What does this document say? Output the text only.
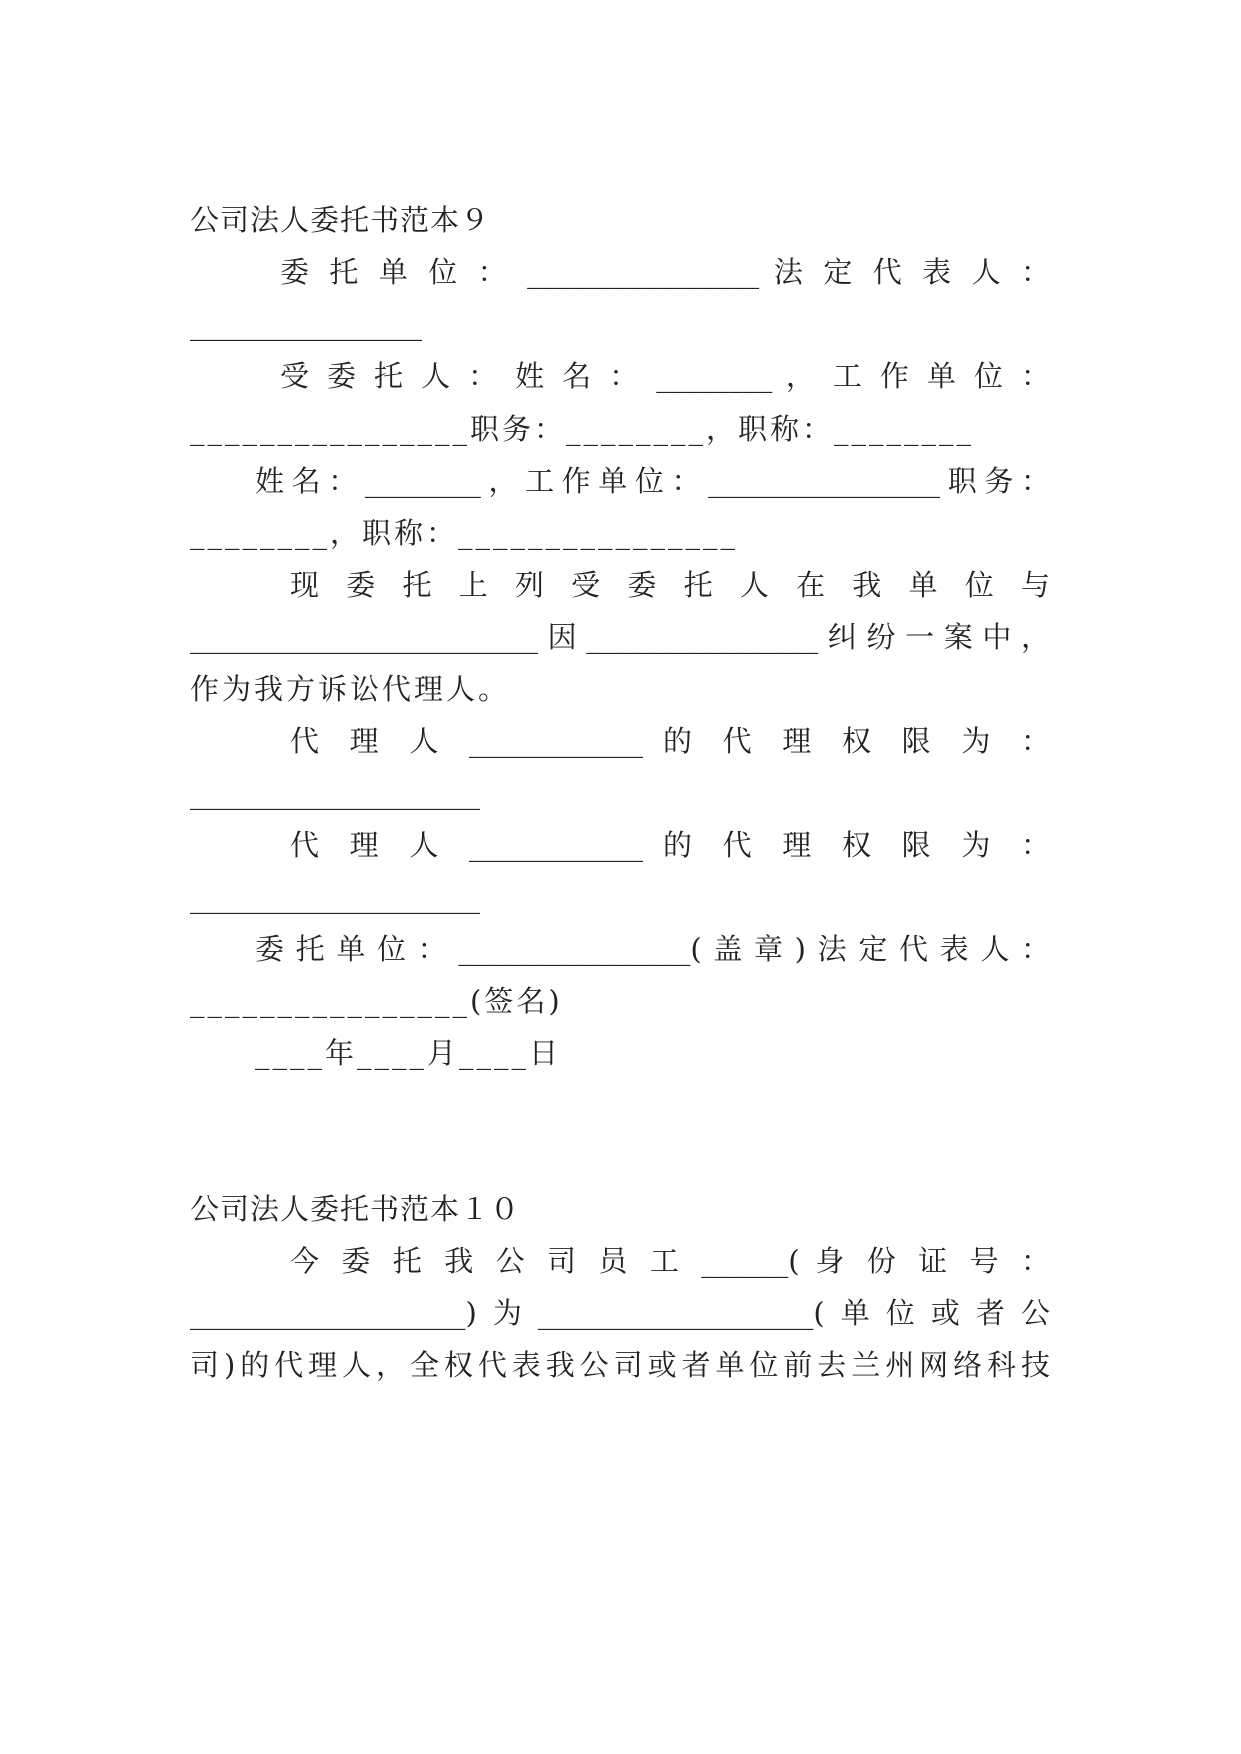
公司法人委托书范本９
委 托 单 位 ： ________________ 法 定 代 表 人 ：
________________
受 委 托 人 ： 姓 名 ： ________ ， 工 作 单 位 ：
________________职务：________，职称：________
姓名：________，工作单位：________________职务：
________，职称：________________
现 委 托 上 列 受 委 托 人 在 我 单 位 与
________________________因________________纠纷一案中，
作为我方诉讼代理人。
代 理 人 ____________ 的 代 理 权 限 为 ：
____________________
代 理 人 ____________ 的 代 理 权 限 为 ：
____________________
委托单位：________________(盖章)法定代表人：
________________(签名)
____年____月____日
公司法人委托书范本１０
今 委 托 我 公 司 员 工 ______( 身 份 证 号 ：
___________________)为___________________(单位或者公
司)的代理人，全权代表我公司或者单位前去兰州网络科技
